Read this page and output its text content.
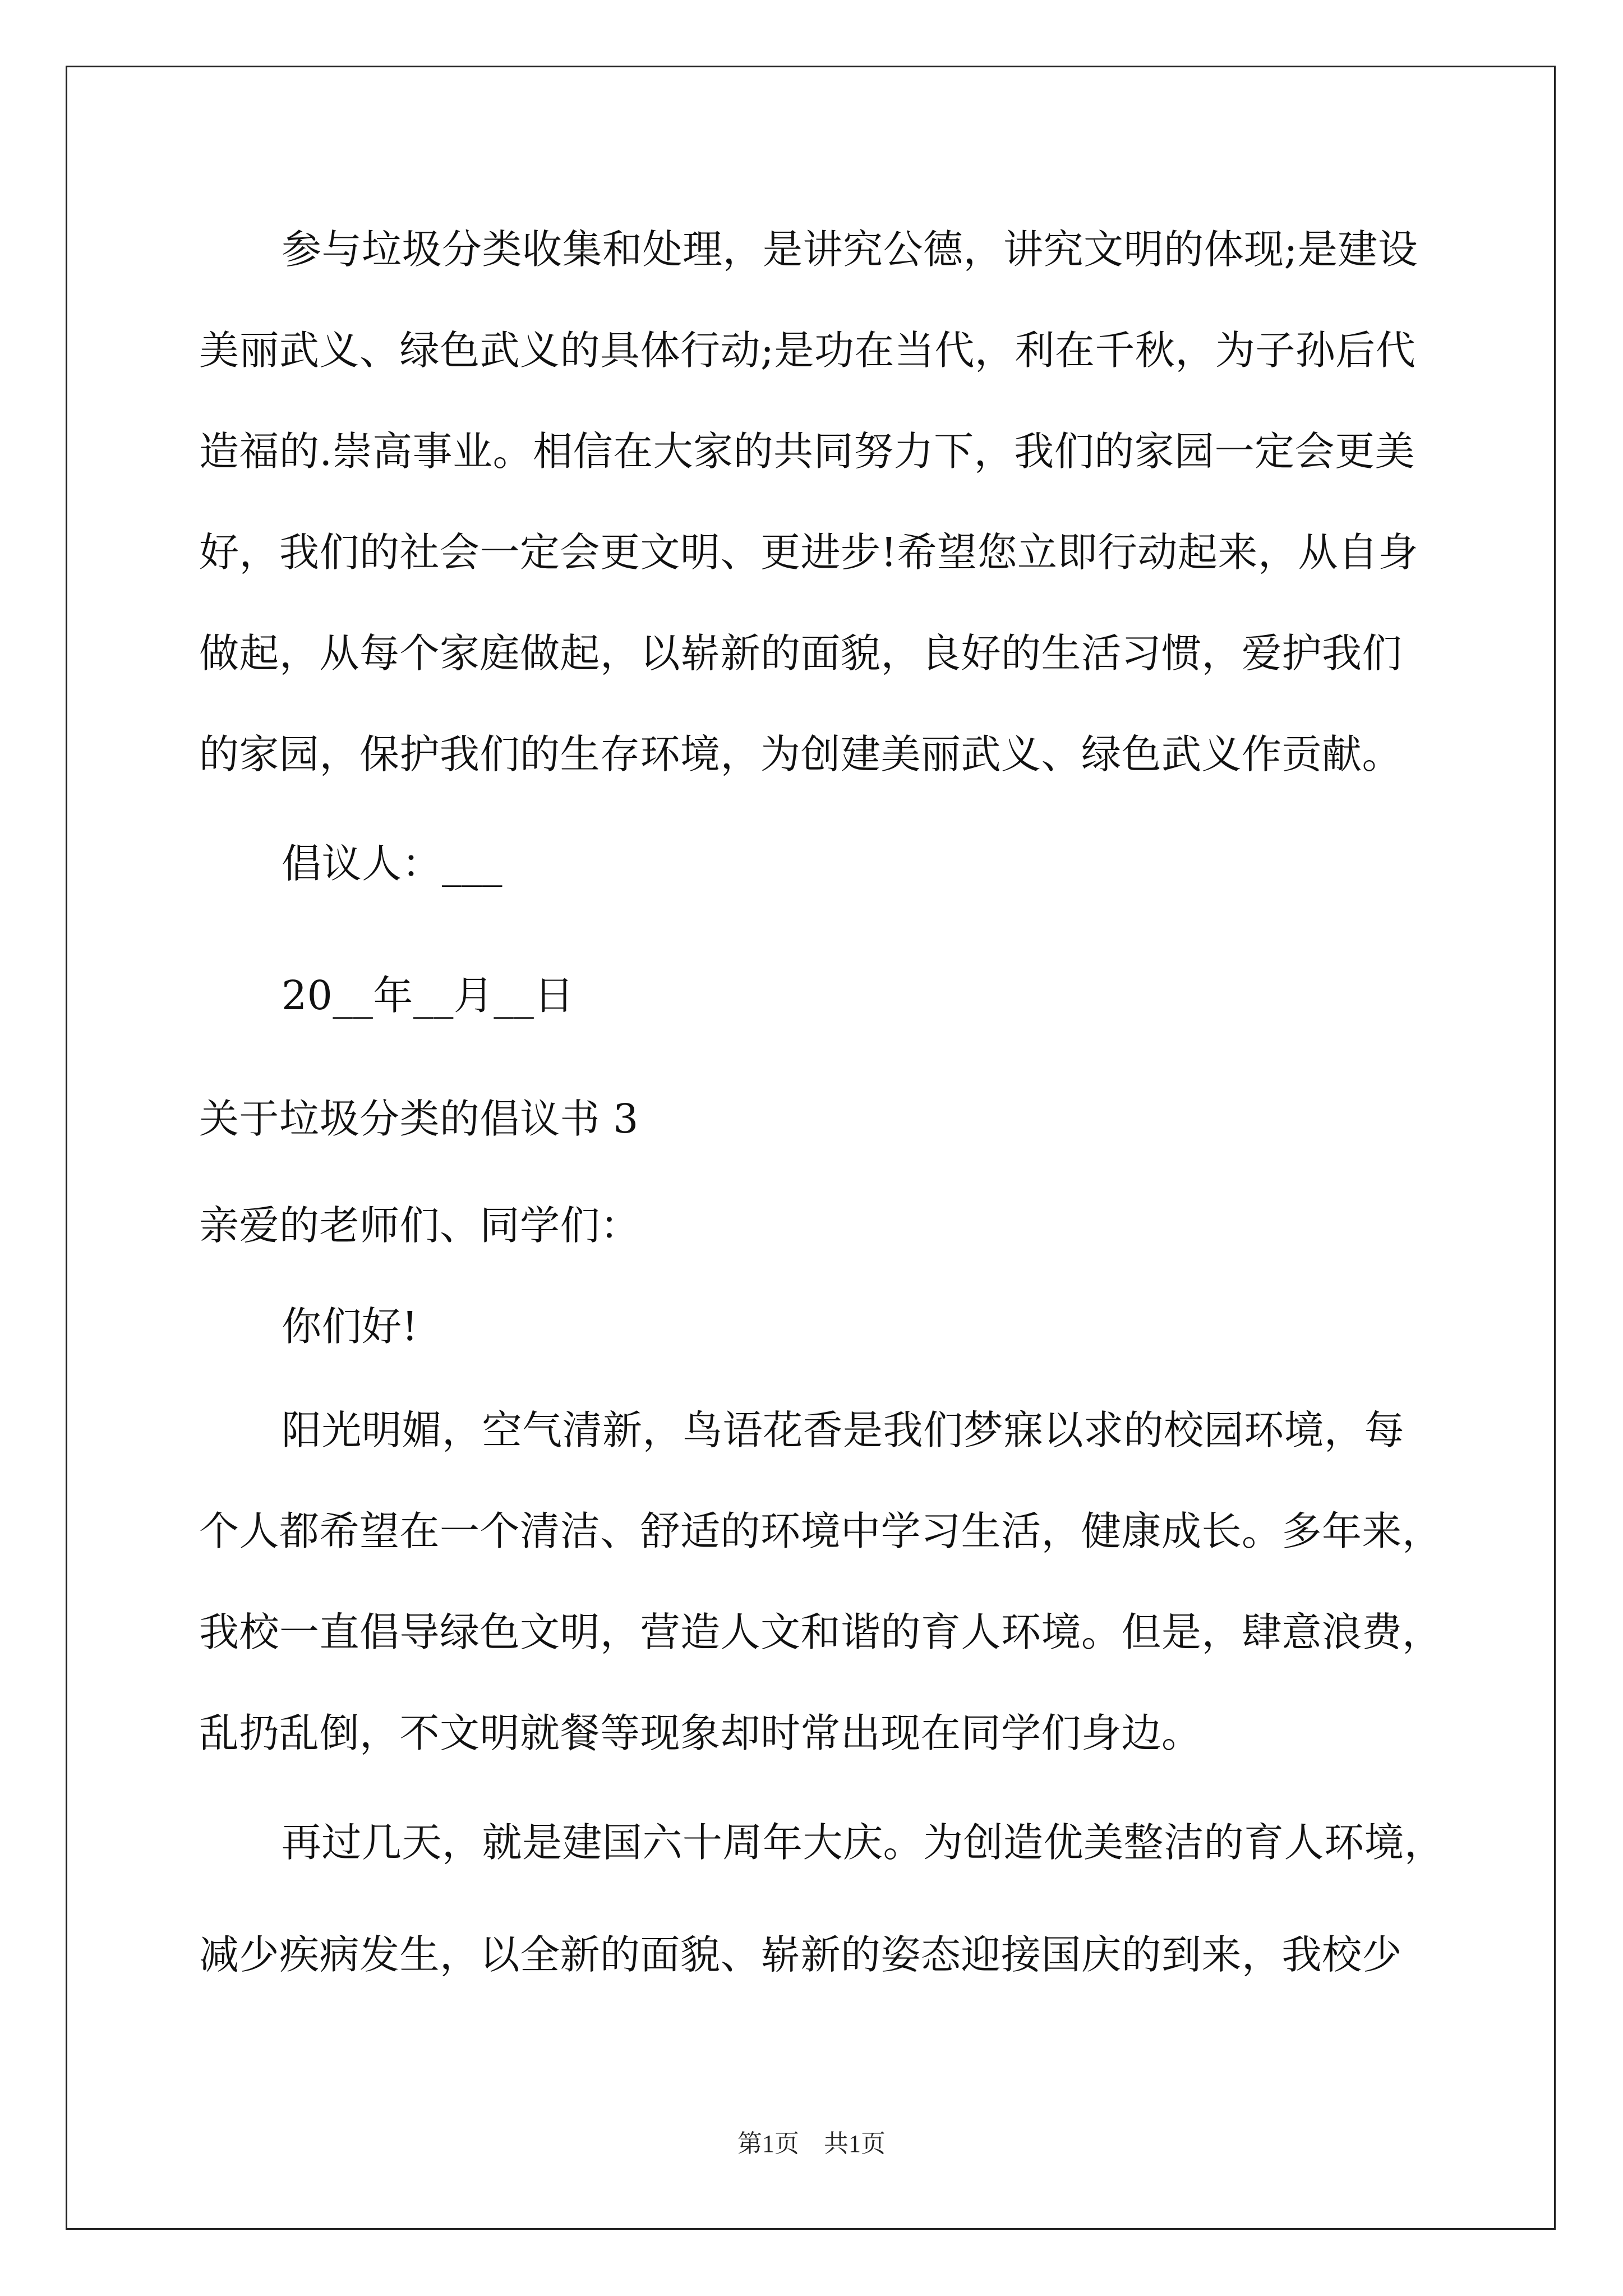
参与垃圾分类收集和处理，是讲究公德，讲究文明的体现;是建设
美丽武义、绿色武义的具体行动;是功在当代，利在千秋，为子孙后代
造福的.崇高事业。相信在大家的共同努力下，我们的家园一定会更美
好，我们的社会一定会更文明、更进步!希望您立即行动起来，从自身
做起，从每个家庭做起，以崭新的面貌，良好的生活习惯，爱护我们
的家园，保护我们的生存环境，为创建美丽武义、绿色武义作贡献。
倡议人：___
20__年__月__日
关于垃圾分类的倡议书 3
亲爱的老师们、同学们：
你们好!
阳光明媚，空气清新，鸟语花香是我们梦寐以求的校园环境，每
个人都希望在一个清洁、舒适的环境中学习生活，健康成长。多年来，
我校一直倡导绿色文明，营造人文和谐的育人环境。但是，肆意浪费，
乱扔乱倒，不文明就餐等现象却时常出现在同学们身边。
再过几天，就是建国六十周年大庆。为创造优美整洁的育人环境，
减少疾病发生，以全新的面貌、崭新的姿态迎接国庆的到来，我校少
第1页　共1页
